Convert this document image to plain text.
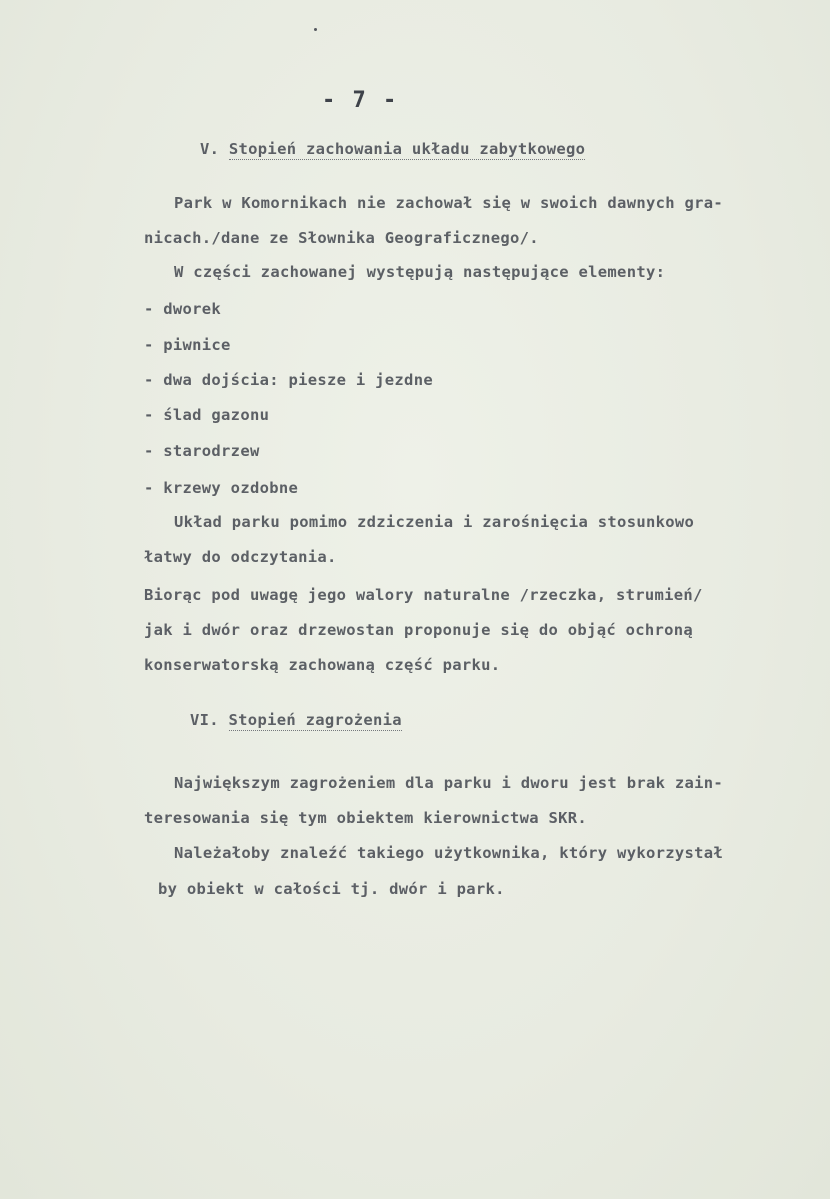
- 7 -
V. Stopień zachowania układu zabytkowego
Park w Komornikach nie zachował się w swoich dawnych gra-
nicach./dane ze Słownika Geograficznego/.
W części zachowanej występują następujące elementy:
- dworek
- piwnice
- dwa dojścia: piesze i jezdne
- ślad gazonu
- starodrzew
- krzewy ozdobne
Układ parku pomimo zdziczenia i zarośnięcia stosunkowo
łatwy do odczytania.
Biorąc pod uwagę jego walory naturalne /rzeczka, strumień/
jak i dwór oraz drzewostan proponuje się do objąć ochroną
konserwatorską zachowaną część parku.
VI. Stopień zagrożenia
Największym zagrożeniem dla parku i dworu jest brak zain-
teresowania się tym obiektem kierownictwa SKR.
Należałoby znaleźć takiego użytkownika, który wykorzystał
by obiekt w całości tj. dwór i park.
